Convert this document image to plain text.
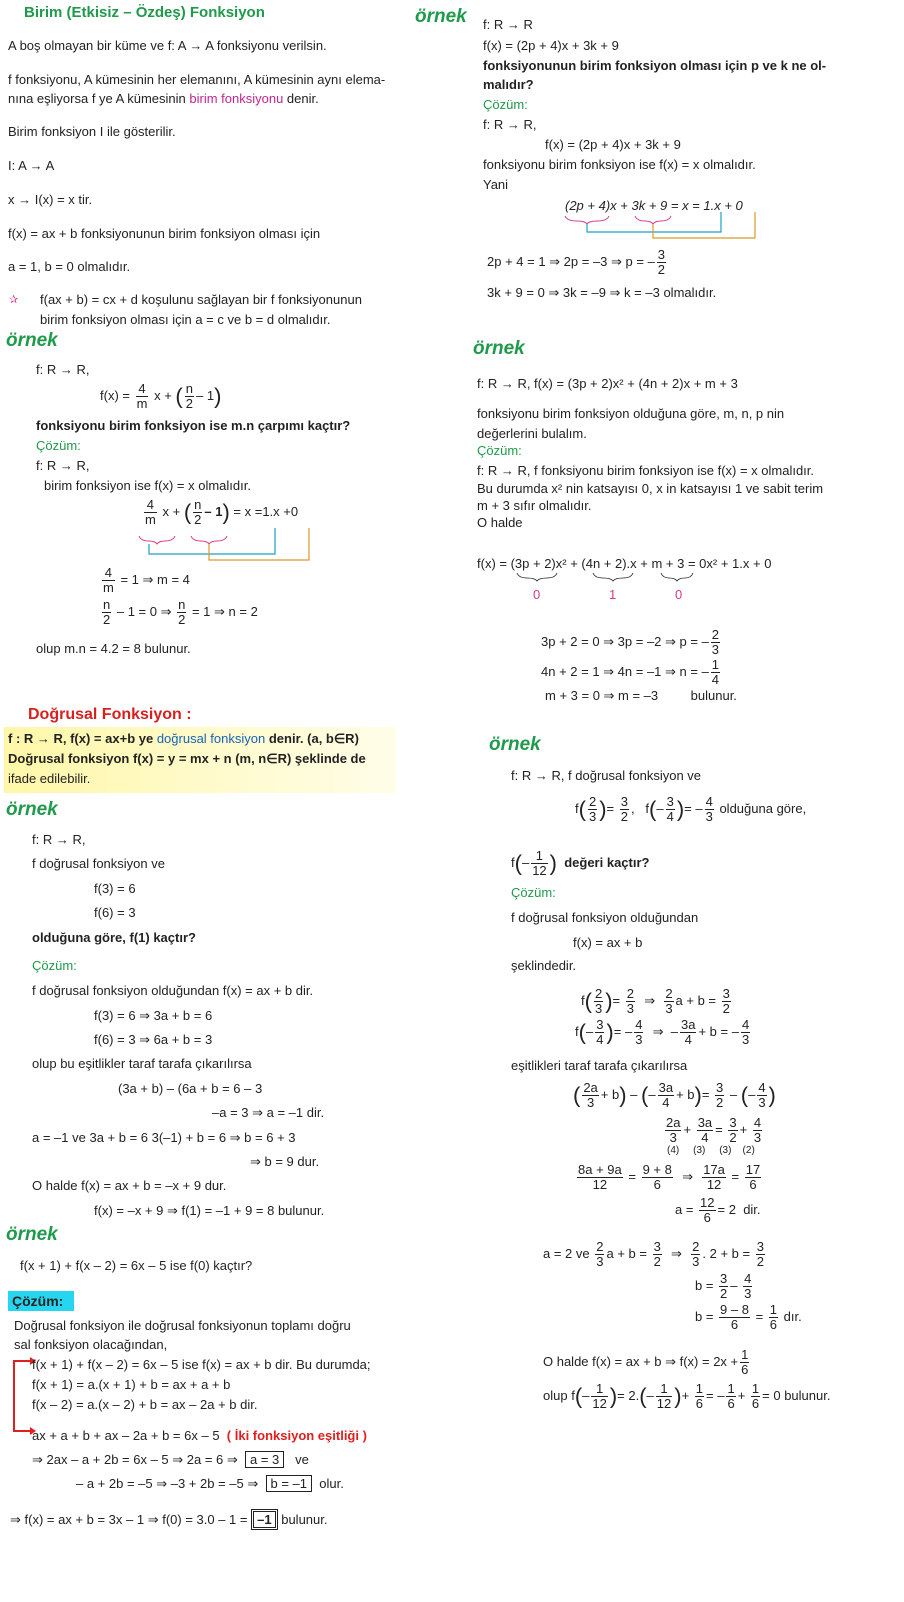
Birim (Etkisiz – Özdeş) Fonksiyon
A boş olmayan bir küme ve f: A → A fonksiyonu verilsin.
f fonksiyonu, A kümesinin her elemanını, A kümesinin aynı elema-
nına eşliyorsa f ye A kümesinin birim fonksiyonu denir.
Birim fonksiyon I ile gösterilir.
I: A → A
x → I(x) = x tir.
f(x) = ax + b fonksiyonunun birim fonksiyon olması için
a = 1, b = 0 olmalıdır.
✰ f(ax + b) = cx + d koşulunu sağlayan bir f fonksiyonunun
birim fonksiyon olması için a = c ve b = d olmalıdır.
örnek
f: R → R,
$f(x) = \frac{4}{m}$ x + ( $\frac{n}{2} - 1$)
fonksiyonu birim fonksiyon ise m.n çarpımı kaçtır?
Çözüm:
f: R → R,
birim fonksiyon ise f(x) = x olmalıdır.
$\frac{4}{m}$ x + ( $\frac{n}{2} - 1) = x =1.x +0$
$\frac{4}{m} = 1$ ⇒ m = 4
$\frac{n}{2} - 1 = 0$ ⇒ $\frac{n}{2} = 1$ ⇒ n = 2
olup m.n = 4.2 = 8 bulunur.
Doğrusal Fonksiyon :
f : R → R, f(x) = ax+b ye doğrusal fonksiyon denir. (a, b∈R)
Doğrusal fonksiyon f(x) = y = mx + n (m, n∈R) şeklinde de
ifade edilebilir.
örnek
f: R → R,
f doğrusal fonksiyon ve
f(3) = 6
f(6) = 3
olduğuna göre, f(1) kaçtır?
Çözüm:
f doğrusal fonksiyon olduğundan f(x) = ax + b dir.
f(3) = 6 ⇒ 3a + b = 6
f(6) = 3 ⇒ 6a + b = 3
olup bu eşitlikler taraf tarafa çıkarılırsa
(3a + b) – (6a + b = 6 – 3
–a = 3 ⇒ a = –1 dir.
a = –1 ve 3a + b = 6 3(–1) + b = 6 ⇒ b = 6 + 3
⇒ b = 9 dur.
O halde f(x) = ax + b = –x + 9 dur.
f(x) = –x + 9 ⇒ f(1) = –1 + 9 = 8 bulunur.
örnek
f(x + 1) + f(x – 2) = 6x – 5 ise f(0) kaçtır?
Çözüm:
Doğrusal fonksiyon ile doğrusal fonksiyonun toplamı doğru
sal fonksiyon olacağından,
f(x + 1) + f(x – 2) = 6x – 5 ise f(x) = ax + b dir. Bu durumda;
f(x + 1) = a.(x + 1) + b = ax + a + b
f(x – 2) = a.(x – 2) + b = ax – 2a + b dir.
ax + a + b + ax – 2a + b = 6x – 5 ( İki fonksiyon eşitliği )
⇒ 2ax – a + 2b = 6x – 5 ⇒ 2a = 6 ⇒ a = 3 ve
– a + 2b = –5 ⇒ –3 + 2b = –5 ⇒ b = –1 olur.
⇒ f(x) = ax + b = 3x – 1 ⇒ f(0) = 3.0 – 1 = –1 bulunur.
örnek f: R → R
f(x) = (2p + 4)x + 3k + 9
fonksiyonunun birim fonksiyon olması için p ve k ne ol-
malıdır?
Çözüm:
f: R → R,
f(x) = (2p + 4)x + 3k + 9
fonksiyonu birim fonksiyon ise f(x) = x olmalıdır.
Yani
(2p + 4)x + 3k + 9 = x = 1.x + 0
2p + 4 = 1 ⇒ 2p = –3 ⇒ p = – $\frac{3}{2}$
3k + 9 = 0 ⇒ 3k = –9 ⇒ k = –3 olmalıdır.
örnek
f: R → R, f(x) = (3p + 2)x² + (4n + 2)x + m + 3
fonksiyonu birim fonksiyon olduğuna göre, m, n, p nin
değerlerini bulalım.
Çözüm:
f: R → R, f fonksiyonu birim fonksiyon ise f(x) = x olmalıdır.
Bu durumda x² nin katsayısı 0, x in katsayısı 1 ve sabit terim
m + 3 sıfır olmalıdır.
O halde
f(x) = (3p + 2)x² + (4n + 2).x + m + 3 = 0x² + 1.x + 0
0	1	0
3p + 2 = 0 ⇒ 3p = –2 ⇒ p = – $\frac{2}{3}$
4n + 2 = 1 ⇒ 4n = –1 ⇒ n = – $\frac{1}{4}$
m + 3 = 0 ⇒ m = –3	bulunur.
örnek
f: R → R, f doğrusal fonksiyon ve
$f( \frac{2}{3}$ )= $\frac{3}{2}$ ,   $f(- \frac{3}{4}$ )= – $\frac{4}{3}$ olduğuna göre,
$f(- \frac{1}{12}$ ) değeri kaçtır?
Çözüm:
f doğrusal fonksiyon olduğundan
f(x) = ax + b
şeklindedir.
$f( \frac{2}{3}$ )= $\frac{2}{3}$ ⇒ $\frac{2}{3}$ $a + b = \frac{3}{2}$
$f(- \frac{3}{4}$ )= – $\frac{4}{3}$ ⇒  – $\frac{3a}{4} + b$ = – $\frac{4}{3}$
eşitlikleri taraf tarafa çıkarılırsa
( $\frac{2a}{3} + b$) – (– $\frac{3a}{4} + b)= \frac{3}{2}$ – (– $\frac{4}{3}$ )
$\frac{2a}{3} + \frac{3a}{4} = \frac{3}{2} + \frac{4}{3}$
(4)     (3)     (3)    (2)
$\frac{8a + 9a}{12} = \frac{9 + 8}{6}$ ⇒ $\frac{17a}{12} = \frac{17}{6}$
$a = \frac{12}{6} = 2$  dir.
a = 2 ve $\frac{2}{3}$ $a + b = \frac{3}{2}$ ⇒ $\frac{2}{3}$ . $2 + b = \frac{3}{2}$
$b = \frac{3}{2} - \frac{4}{3}$
$b = \frac{9 - 8}{6} = \frac{1}{6}$ dır.
O halde f(x) = ax + b ⇒ $f(x) = 2x + \frac{1}{6}$
olup $f(- \frac{1}{12}$ )= $2.(- \frac{1}{12}$ )+ $\frac{1}{6}$ = – $\frac{1}{6} + \frac{1}{6} = 0$ bulunur.
